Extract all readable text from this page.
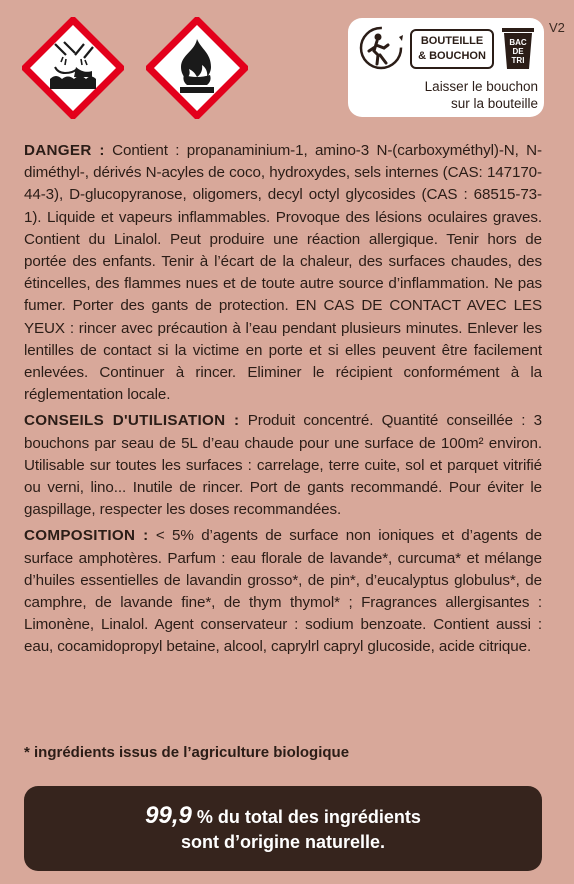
BOUTEILLE
& BOUCHON
BAC
DE
TRI
Laisser le bouchon
sur la bouteille
V2

DANGER : Contient : propanaminium-1, amino-3 N-(carboxyméthyl)-N, N-diméthyl-, dérivés N-acyles de coco, hydroxydes, sels internes (CAS: 147170-44-3), D-glucopyranose, oligomers, decyl octyl glycosides (CAS : 68515-73-1). Liquide et vapeurs inflammables. Provoque des lésions oculaires graves. Contient du Linalol. Peut produire une réaction allergique. Tenir hors de portée des enfants. Tenir à l’écart de la chaleur, des surfaces chaudes, des étincelles, des flammes nues et de toute autre source d’inflammation. Ne pas fumer. Porter des gants de protection. EN CAS DE CONTACT AVEC LES YEUX : rincer avec précaution à l’eau pendant plusieurs minutes. Enlever les lentilles de contact si la victime en porte et si elles peuvent être facilement enlevées. Continuer à rincer. Eliminer le récipient conformément à la réglementation locale.

CONSEILS D'UTILISATION : Produit concentré. Quantité conseillée : 3 bouchons par seau de 5L d’eau chaude pour une surface de 100m² environ. Utilisable sur toutes les surfaces : carrelage, terre cuite, sol et parquet vitrifié ou verni, lino... Inutile de rincer. Port de gants recommandé. Pour éviter le gaspillage, respecter les doses recommandées.

COMPOSITION : < 5% d’agents de surface non ioniques et d’agents de surface amphotères. Parfum : eau florale de lavande*, curcuma* et mélange d’huiles essentielles de lavandin grosso*, de pin*, d’eucalyptus globulus*, de camphre, de lavande fine*, de thym thymol* ; Fragrances allergisantes : Limonène, Linalol. Agent conservateur : sodium benzoate. Contient aussi : eau, cocamidopropyl betaine, alcool, caprylrl capryl glucoside, acide citrique.

* ingrédients issus de l’agriculture biologique
99,9 % du total des ingrédients
sont d’origine naturelle.
